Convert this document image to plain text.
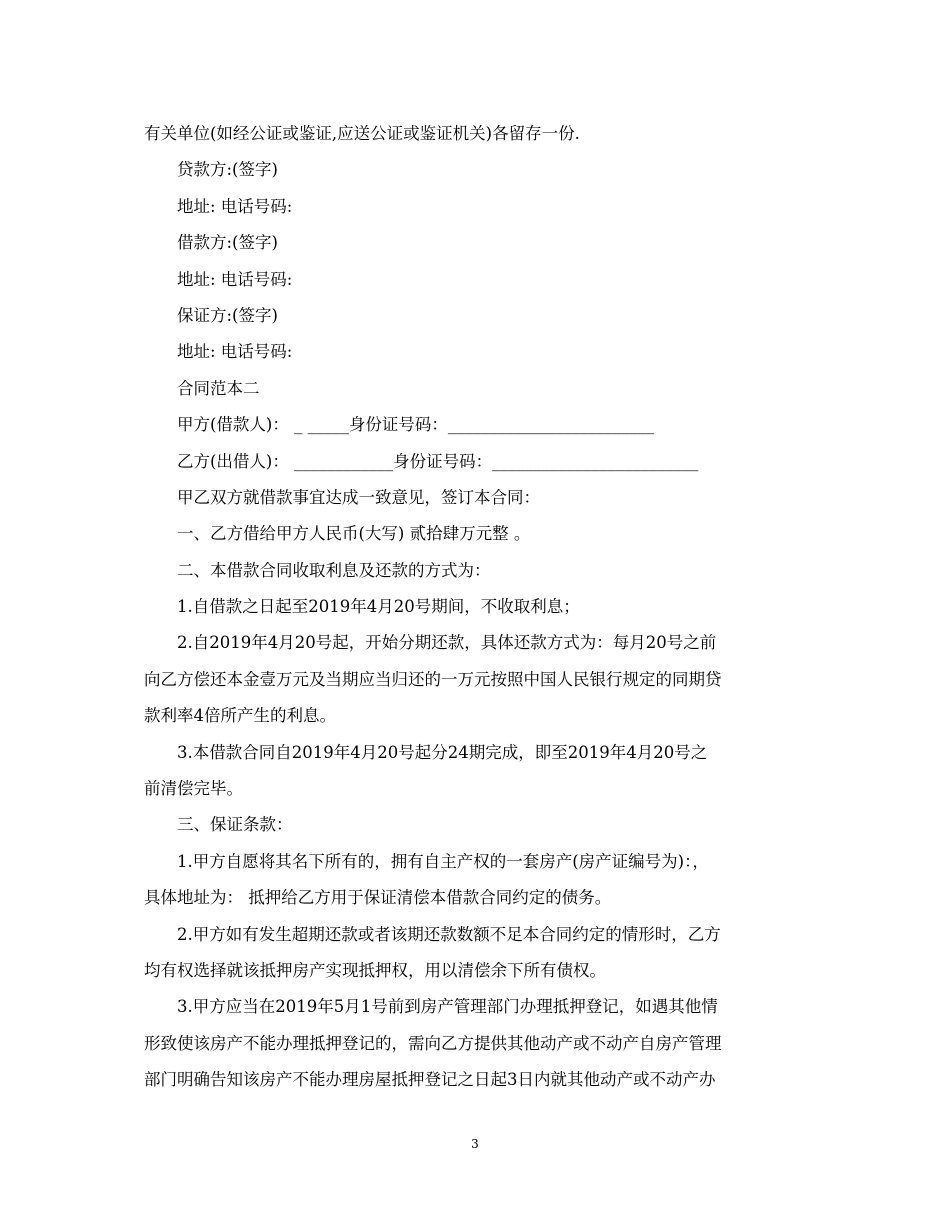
有关单位(如经公证或鉴证,应送公证或鉴证机关)各留存一份.
贷款方:(签字)
地址: 电话号码:
借款方:(签字)
地址: 电话号码:
保证方:(签字)
地址: 电话号码:
合同范本二
甲方(借款人)： _ _____身份证号码：_________________________
乙方(出借人)： ____________身份证号码：_________________________
甲乙双方就借款事宜达成一致意见，签订本合同：
一、乙方借给甲方人民币(大写) 贰拾肆万元整 。
二、本借款合同收取利息及还款的方式为：
1.自借款之日起至2019年4月20号期间，不收取利息；
2.自2019年4月20号起，开始分期还款，具体还款方式为：每月20号之前
向乙方偿还本金壹万元及当期应当归还的一万元按照中国人民银行规定的同期贷
款利率4倍所产生的利息。
3.本借款合同自2019年4月20号起分24期完成，即至2019年4月20号之
前清偿完毕。
三、保证条款：
1.甲方自愿将其名下所有的，拥有自主产权的一套房产(房产证编号为)：，
具体地址为： 抵押给乙方用于保证清偿本借款合同约定的债务。
2.甲方如有发生超期还款或者该期还款数额不足本合同约定的情形时，乙方
均有权选择就该抵押房产实现抵押权，用以清偿余下所有债权。
3.甲方应当在2019年5月1号前到房产管理部门办理抵押登记，如遇其他情
形致使该房产不能办理抵押登记的，需向乙方提供其他动产或不动产自房产管理
部门明确告知该房产不能办理房屋抵押登记之日起3日内就其他动产或不动产办
3
